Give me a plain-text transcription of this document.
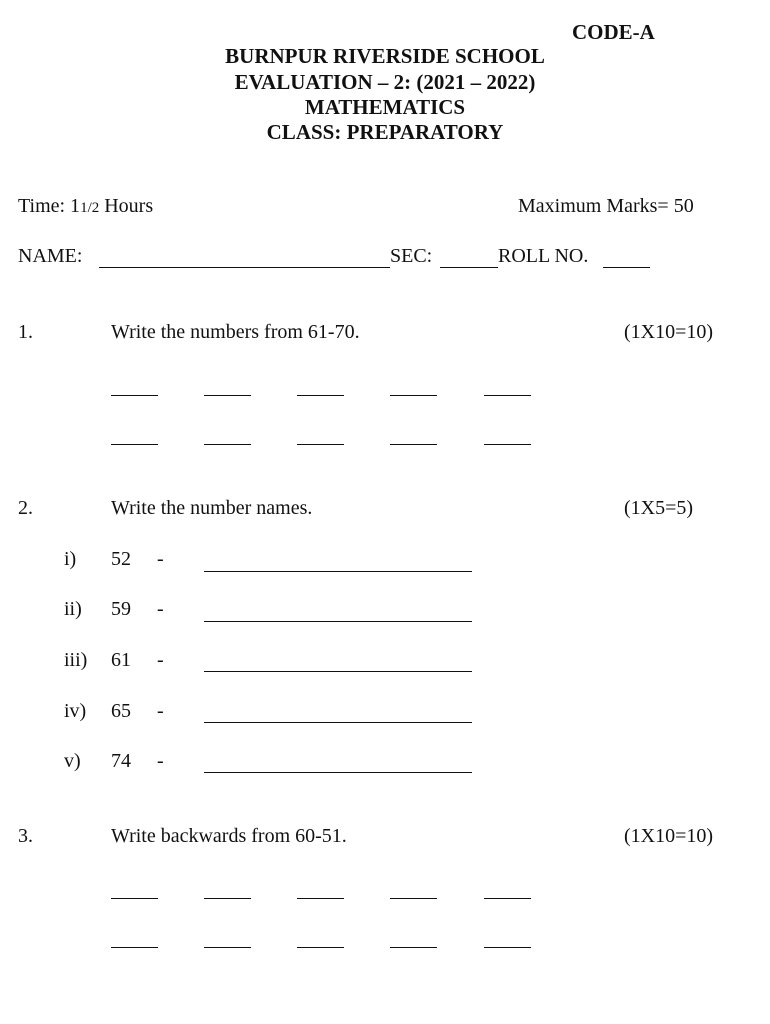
CODE-A
BURNPUR RIVERSIDE SCHOOL
EVALUATION – 2: (2021 – 2022)
MATHEMATICS
CLASS: PREPARATORY
Time: 11/2 Hours	Maximum Marks= 50
NAME:	SEC:	ROLL NO.
1.	Write the numbers from 61-70.	(1X10=10)
2.	Write the number names.	(1X5=5)
i) 52 -
ii) 59 -
iii) 61 -
iv) 65 -
v) 74 -
3.	Write backwards from 60-51.	(1X10=10)
